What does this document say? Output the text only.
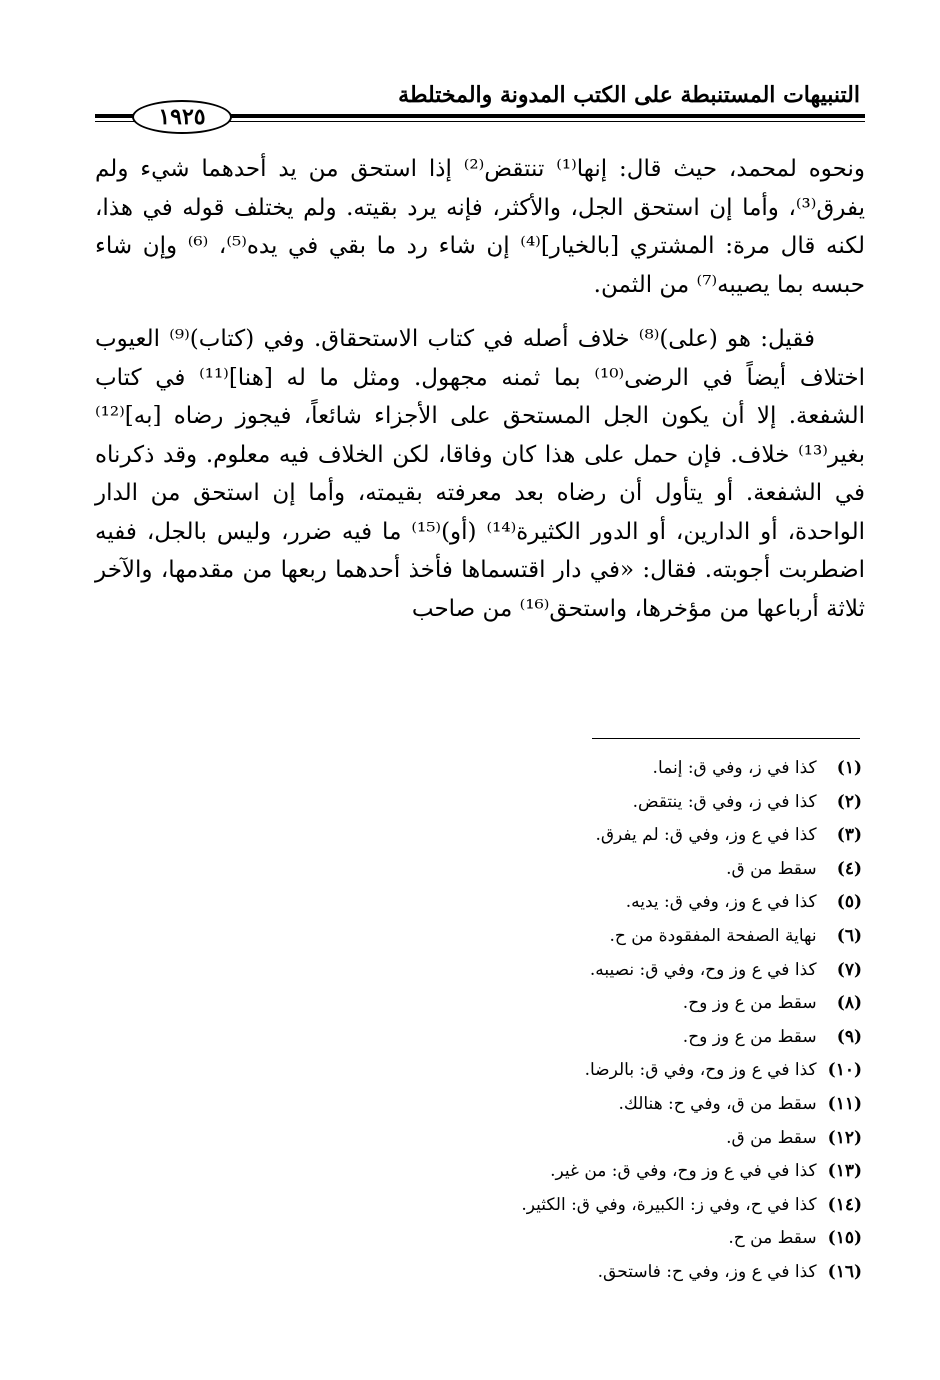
التنبيهات المستنبطة على الكتب المدونة والمختلطة
١٩٢٥

ونحوه لمحمد، حيث قال: إنها⁽¹⁾ تنتقض⁽²⁾ إذا استحق من يد أحدهما شيء ولم يفرق⁽³⁾، وأما إن استحق الجل، والأكثر، فإنه يرد بقيته. ولم يختلف قوله في هذا، لكنه قال مرة: المشتري [بالخيار]⁽⁴⁾ إن شاء رد ما بقي في يده⁽⁵⁾، ⁽⁶⁾ وإن شاء حبسه بما يصيبه⁽⁷⁾ من الثمن.

فقيل: هو (على)⁽⁸⁾ خلاف أصله في كتاب الاستحقاق. وفي (كتاب)⁽⁹⁾ العيوب اختلاف أيضاً في الرضى⁽¹⁰⁾ بما ثمنه مجهول. ومثل ما له [هنا]⁽¹¹⁾ في كتاب الشفعة. إلا أن يكون الجل المستحق على الأجزاء شائعاً، فيجوز رضاه [به]⁽¹²⁾ بغير⁽¹³⁾ خلاف. فإن حمل على هذا كان وفاقا، لكن الخلاف فيه معلوم. وقد ذكرناه في الشفعة. أو يتأول أن رضاه بعد معرفته بقيمته، وأما إن استحق من الدار الواحدة، أو الدارين، أو الدور الكثيرة⁽¹⁴⁾ (أو)⁽¹⁵⁾ ما فيه ضرر، وليس بالجل، ففيه اضطربت أجوبته. فقال: «في دار اقتسماها فأخذ أحدهما ربعها من مقدمها، والآخر ثلاثة أرباعها من مؤخرها، واستحق⁽¹⁶⁾ من صاحب

(١) كذا في ز، وفي ق: إنما.
(٢) كذا في ز، وفي ق: ينتقض.
(٣) كذا في ع وز، وفي ق: لم يفرق.
(٤) سقط من ق.
(٥) كذا في ع وز، وفي ق: يديه.
(٦) نهاية الصفحة المفقودة من ح.
(٧) كذا في ع وز وح، وفي ق: نصيبه.
(٨) سقط من ع وز وح.
(٩) سقط من ع وز وح.
(١٠) كذا في ع وز وح، وفي ق: بالرضا.
(١١) سقط من ق، وفي ح: هنالك.
(١٢) سقط من ق.
(١٣) كذا في في ع وز وح، وفي ق: من غير.
(١٤) كذا في ح، وفي ز: الكبيرة، وفي ق: الكثير.
(١٥) سقط من ح.
(١٦) كذا في ع وز، وفي ح: فاستحق.
